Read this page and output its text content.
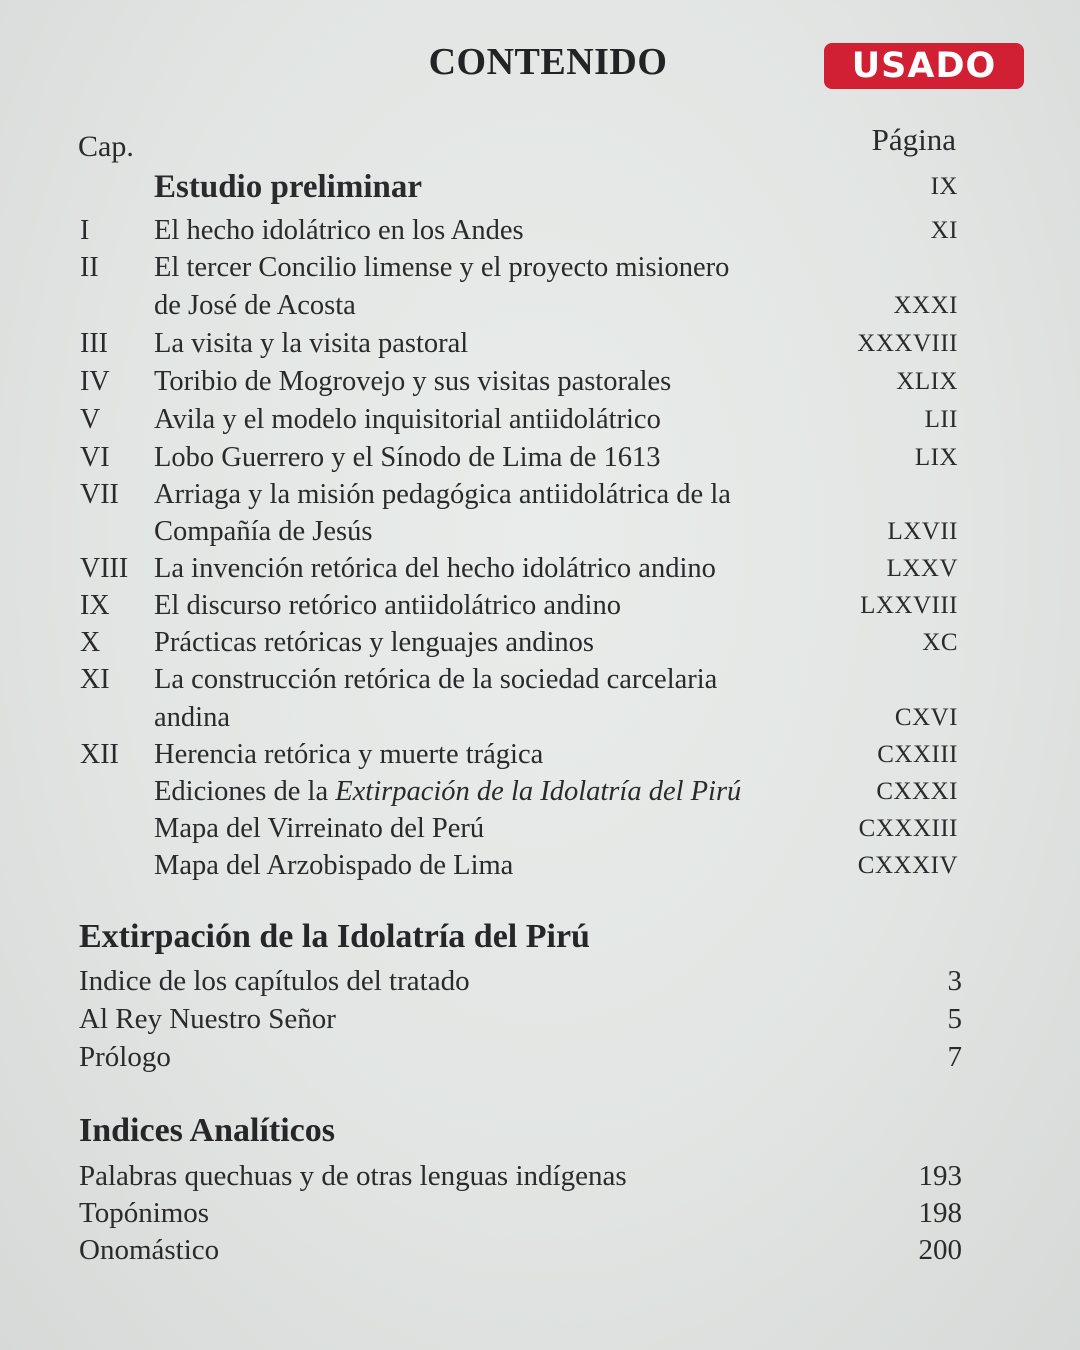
CONTENIDO	USADO
Cap.	Página
Estudio preliminar	IX
I El hecho idolátrico en los Andes	XI
II El tercer Concilio limense y el proyecto misionero
de José de Acosta	XXXI
III La visita y la visita pastoral	XXXVIII
IV Toribio de Mogrovejo y sus visitas pastorales	XLIX
V Avila y el modelo inquisitorial antiidolátrico	LII
VI Lobo Guerrero y el Sínodo de Lima de 1613	LIX
VII Arriaga y la misión pedagógica antiidolátrica de la
Compañía de Jesús	LXVII
VIII La invención retórica del hecho idolátrico andino	LXXV
IX El discurso retórico antiidolátrico andino	LXXVIII
X Prácticas retóricas y lenguajes andinos	XC
XI La construcción retórica de la sociedad carcelaria
andina	CXVI
XII Herencia retórica y muerte trágica	CXXIII
Ediciones de la Extirpación de la Idolatría del Pirú	CXXXI
Mapa del Virreinato del Perú	CXXXIII
Mapa del Arzobispado de Lima	CXXXIV
Extirpación de la Idolatría del Pirú
Indice de los capítulos del tratado	3
Al Rey Nuestro Señor	5
Prólogo	7
Indices Analíticos
Palabras quechuas y de otras lenguas indígenas	193
Topónimos	198
Onomástico	200
